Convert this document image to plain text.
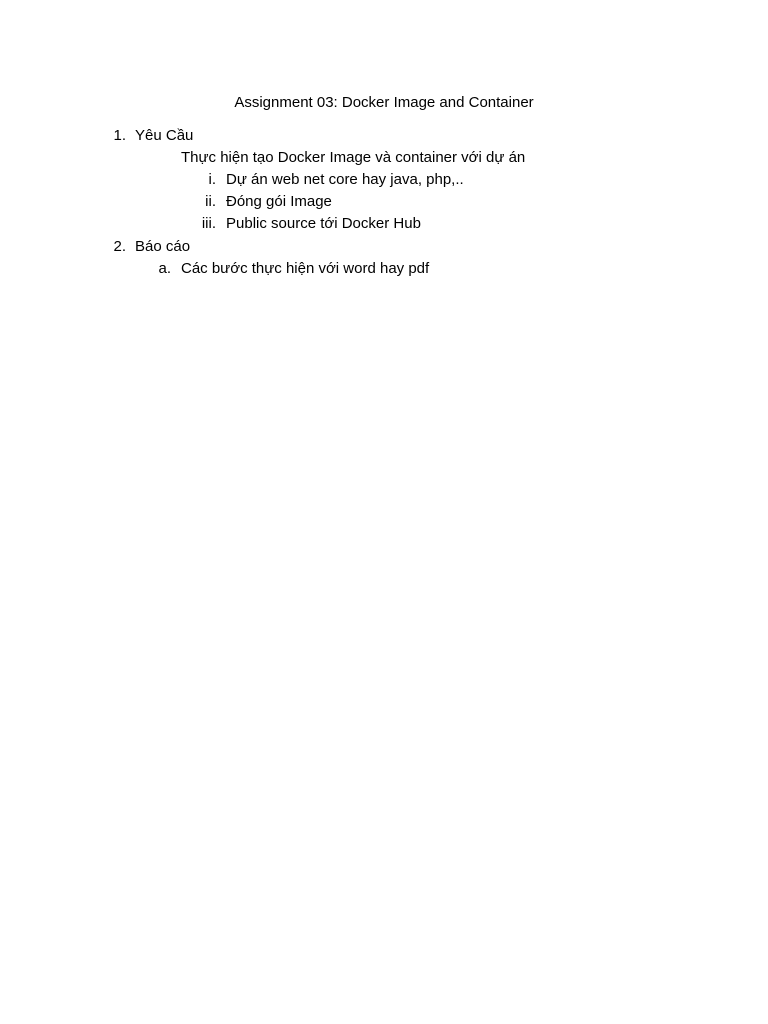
Assignment 03: Docker Image and Container
1. Yêu Cầu
Thực hiện tạo Docker Image và container với dự án
i. Dự án web net core hay java, php,..
ii. Đóng gói Image
iii. Public source tới Docker Hub
2. Báo cáo
a. Các bước thực hiện với word hay pdf
